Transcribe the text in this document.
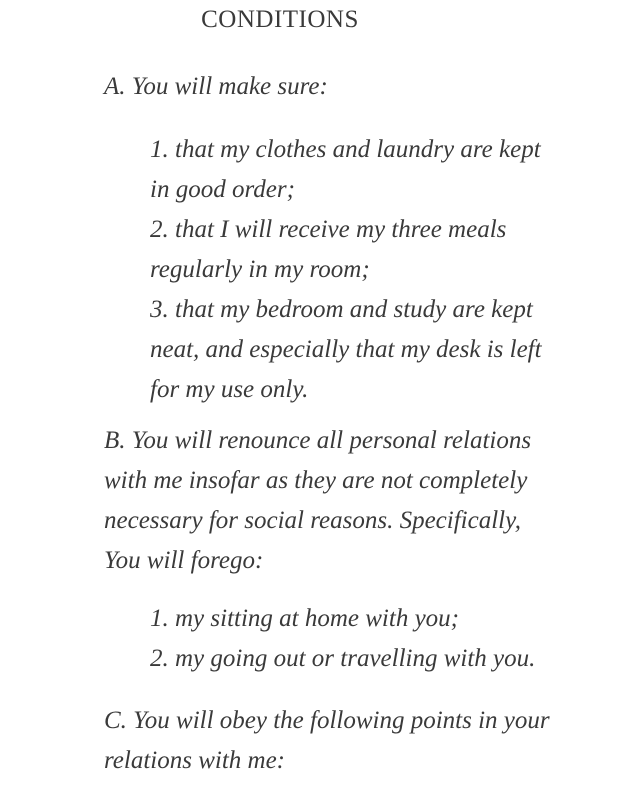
CONDITIONS
A. You will make sure:
1. that my clothes and laundry are kept
in good order;
2. that I will receive my three meals
regularly in my room;
3. that my bedroom and study are kept
neat, and especially that my desk is left
for my use only.
B. You will renounce all personal relations
with me insofar as they are not completely
necessary for social reasons. Specifically,
You will forego:
1. my sitting at home with you;
2. my going out or travelling with you.
C. You will obey the following points in your
relations with me:
